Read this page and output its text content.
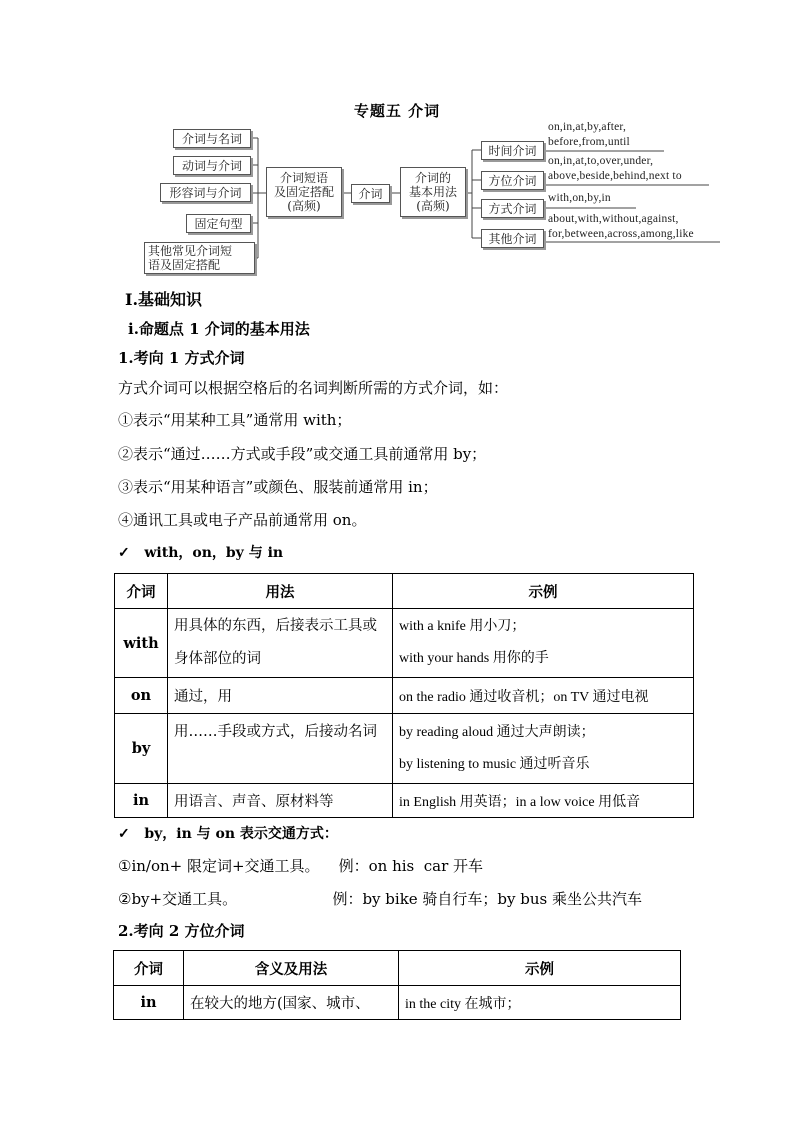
专题五 介词
介词与名词
动词与介词
形容词与介词
固定句型
其他常见介词短
语及固定搭配
介词短语
及固定搭配
(高频)
介词
介词的
基本用法
(高频)
时间介词
方位介词
方式介词
其他介词
on,in,at,by,after,
before,from,until
on,in,at,to,over,under,
above,beside,behind,next to
with,on,by,in
about,with,without,against,
for,between,across,among,like
Ⅰ.基础知识
ⅰ.命题点 1 介词的基本用法
1.考向 1 方式介词
方式介词可以根据空格后的名词判断所需的方式介词，如：
①表示“用某种工具”通常用 with；
②表示“通过……方式或手段”或交通工具前通常用 by；
③表示“用某种语言”或颜色、服装前通常用 in；
④通讯工具或电子产品前通常用 on。
✓ with，on，by 与 in
介词	用法	示例
with	用具体的东西，后接表示工具或身体部位的词	with a knife 用小刀；
with your hands 用你的手

on	通过，用	on the radio 通过收音机；on TV 通过电视
by	用……手段或方式，后接动名词	by reading aloud 通过大声朗读；
by listening to music 通过听音乐

in	用语言、声音、原材料等	in English 用英语；in a low voice 用低音
✓ by，in 与 on 表示交通方式：
①in/on+ 限定词+交通工具。    例：on his  car 开车
②by+交通工具。                    例：by bike 骑自行车；by bus 乘坐公共汽车
2.考向 2 方位介词
介词	含义及用法	示例
in	在较大的地方(国家、城市、	in the city 在城市；
